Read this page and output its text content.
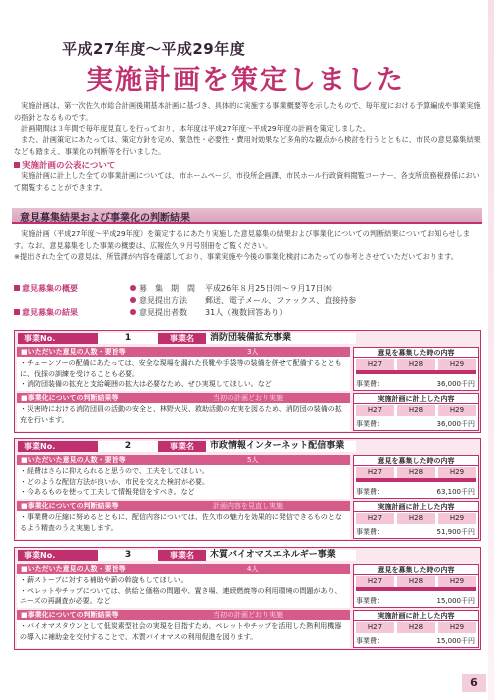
平成27年度～平成29年度
実施計画を策定しました
実施計画は、第一次佐久市総合計画後期基本計画に基づき、具体的に実施する事業概要等を示したもので、毎年度における予算編成や事業実施の指針となるものです。
計画期間は３年間で毎年度見直しを行っており、本年度は平成27年度～平成29年度の計画を策定しました。
また、計画策定にあたっては、策定方針を定め、緊急性・必要性・費用対効果など多角的な観点から検討を行うとともに、市民の意見募集結果なども踏まえ、事業化の判断等を行いました。
実施計画の公表について
実施計画に計上した全ての事業計画については、市ホームページ、市役所企画課、市民ホール行政資料閲覧コーナー、各支所庶務税務係において閲覧することができます。
意見募集結果および事業化の判断結果
実施計画（平成27年度～平成29年度）を策定するにあたり実施した意見募集の結果および事業化についての判断結果についてお知らせします。なお、意見募集をした事業の概要は、広報佐久９月号別冊をご覧ください。
※提出された全ての意見は、所管課が内容を確認しており、事業実施や今後の事業化検討にあたっての参考とさせていただいております。
意見募集の概要	募　集　期　間 平成26年８月25日㈪～９月17日㈬
意見提出方法 郵送、電子メール、ファックス、直接持参
意見募集の結果	意見提出者数 31人（複数回答あり）
事業No.	1	事業名	消防団装備拡充事業
■いただいた意見の人数・要旨等	3人
・チェーンソーの配備にあたっては、安全な現場を漏れた長靴や手袋等の装備を併せて配備するとともに、伐採の訓練を受けることも必要。
・消防団装備の拡充と支給範囲の拡大は必要なため、ぜひ実現してほしい。など
■事業化についての判断結果等	当初の計画どおり実施
・災害時における消防団員の活動の安全と、林野火災、救助活動の充実を図るため、消防団の装備の拡充を行います。
意見を募集した時の内容
H27	H28	H29
事業費：	36,000千円
実施計画に計上した内容
H27	H28	H29
事業費：	36,000千円
事業No.	2	事業名	市政情報インターネット配信事業
■いただいた意見の人数・要旨等	5人
・経費はさらに抑えられると思うので、工夫をしてほしい。
・どのような配信方法が良いか、市民を交えた検討が必要。
・今あるものを使って工夫して情報発信をすべき。など
■事業化についての判断結果等	計画内容を見直し実施
・事業費の圧縮に努めるとともに、配信内容については、佐久市の魅力を効果的に発信できるものとなるよう精査のうえ実施します。
意見を募集した時の内容
H27	H28	H29
事業費：	63,100千円
実施計画に計上した内容
H27	H28	H29
事業費：	51,900千円
事業No.	3	事業名	木質バイオマスエネルギー事業
■いただいた意見の人数・要旨等	4人
・薪ストーブに対する補助や薪の斡旋もしてほしい。
・ペレットやチップについては、供給と価格の問題や、置き場、連続燃焼等の利用環境の問題があり、ニーズの再調査が必要。など
■事業化についての判断結果等	当初の計画どおり実施
・バイオマスタウンとして低炭素型社会の実現を目指すため、ペレットやチップを活用した熱利用機器の導入に補助金を交付することで、木質バイオマスの利用促進を図ります。
意見を募集した時の内容
H27	H28	H29
事業費：	15,000千円
実施計画に計上した内容
H27	H28	H29
事業費：	15,000千円
6
